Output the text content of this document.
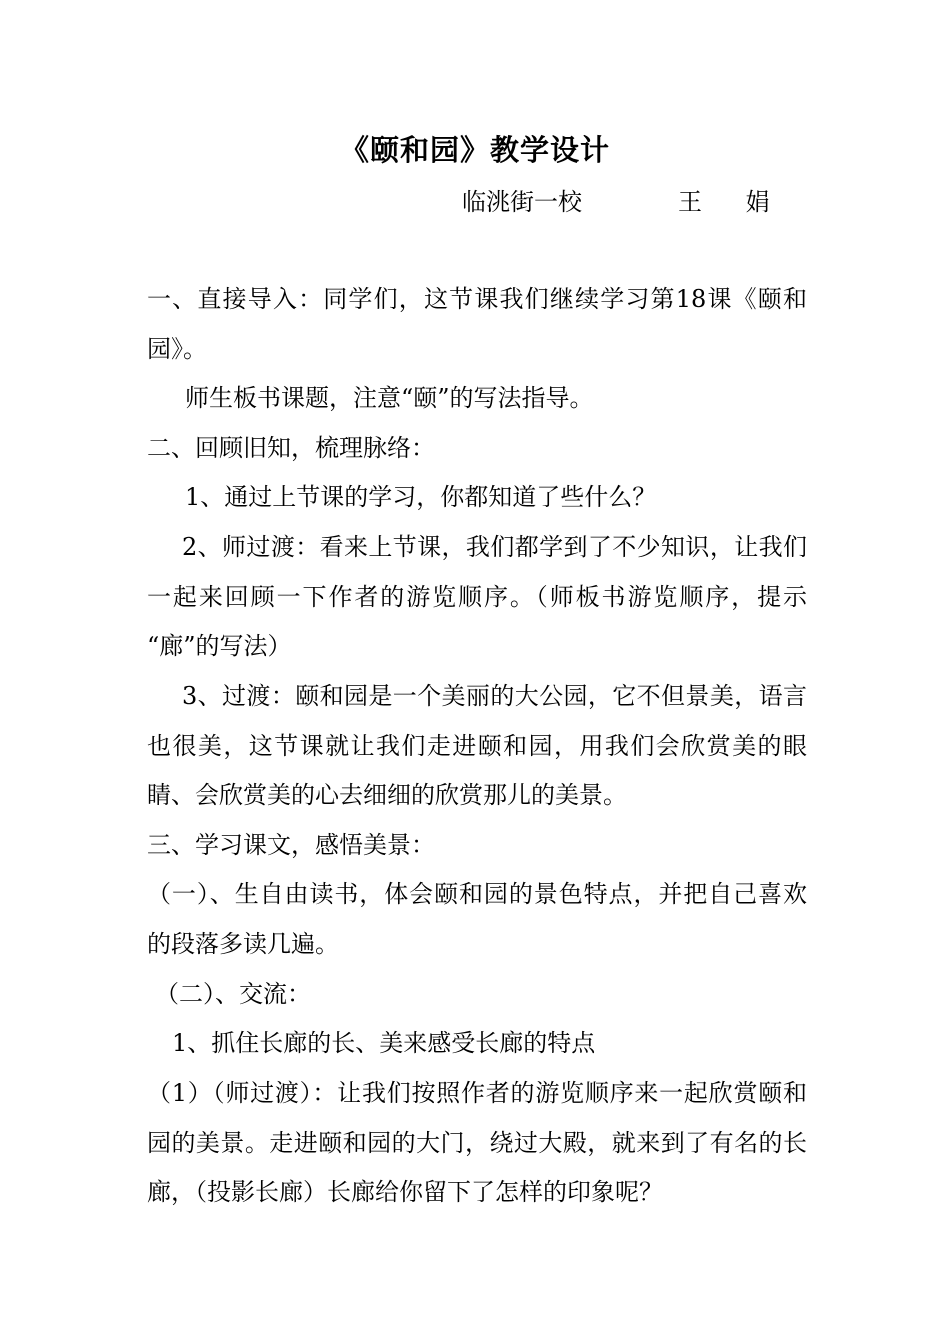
《颐和园》教学设计
临洮街一校	王 娟
一、直接导入：同学们，这节课我们继续学习第18课《颐和
园》。
师生板书课题，注意“颐”的写法指导。
二、回顾旧知，梳理脉络：
1、通过上节课的学习，你都知道了些什么？
2、师过渡：看来上节课，我们都学到了不少知识，让我们
一起来回顾一下作者的游览顺序。（师板书游览顺序，提示
“廊”的写法）
3、过渡：颐和园是一个美丽的大公园，它不但景美，语言
也很美，这节课就让我们走进颐和园，用我们会欣赏美的眼
睛、会欣赏美的心去细细的欣赏那儿的美景。
三、学习课文，感悟美景：
（一）、生自由读书，体会颐和园的景色特点，并把自己喜欢
的段落多读几遍。
（二）、交流：
1、抓住长廊的长、美来感受长廊的特点
（1）（师过渡）：让我们按照作者的游览顺序来一起欣赏颐和
园的美景。走进颐和园的大门，绕过大殿，就来到了有名的长
廊，（投影长廊）长廊给你留下了怎样的印象呢？
